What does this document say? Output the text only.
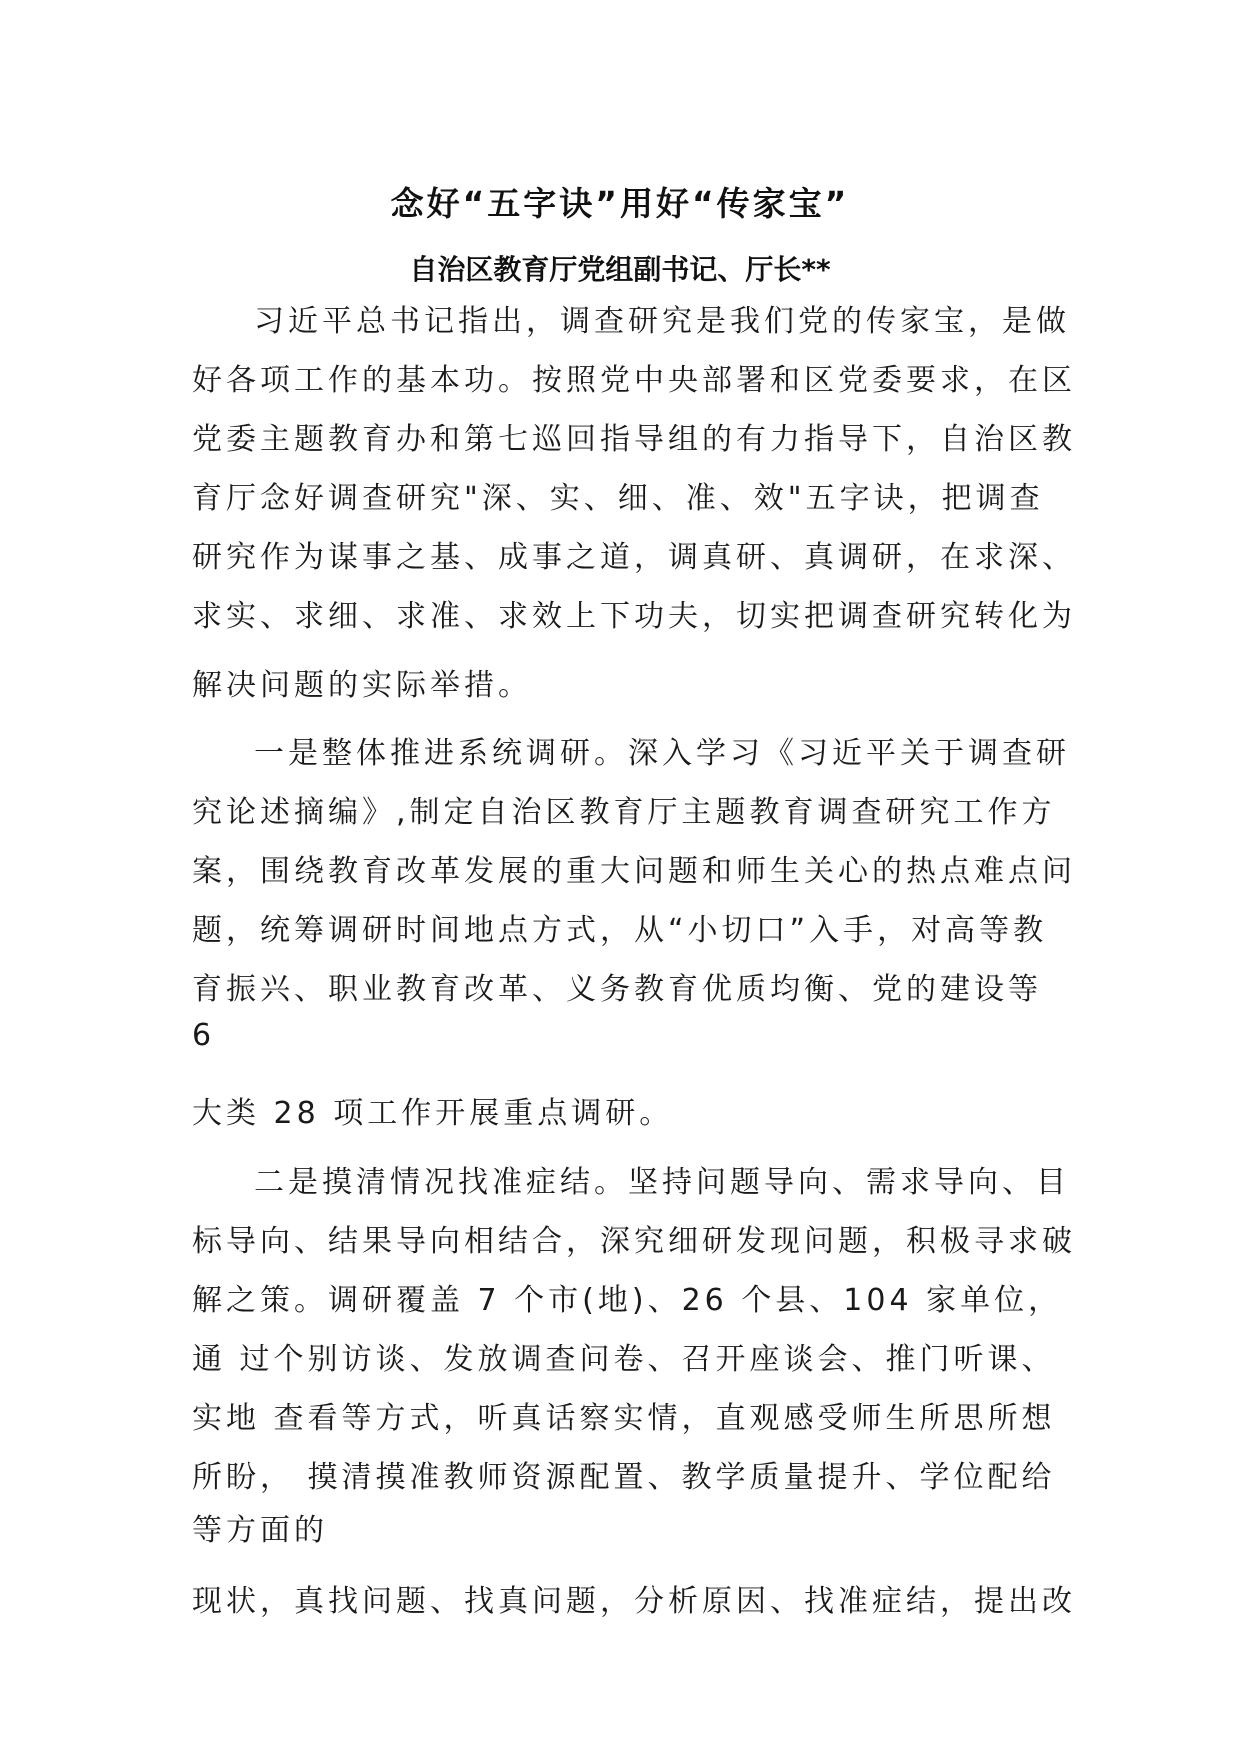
念好“五字诀”用好“传家宝”
自治区教育厅党组副书记、厅长**

习近平总书记指出，调查研究是我们党的传家宝，是做

好各项工作的基本功。按照党中央部署和区党委要求，在区

党委主题教育办和第七巡回指导组的有力指导下，自治区教

育厅念好调查研究"深、实、细、准、效"五字诀，把调查

研究作为谋事之基、成事之道，调真研、真调研，在求深、

求实、求细、求准、求效上下功夫，切实把调查研究转化为

解决问题的实际举措。

一是整体推进系统调研。深入学习《习近平关于调查研

究论述摘编》,制定自治区教育厅主题教育调查研究工作方

案，围绕教育改革发展的重大问题和师生关心的热点难点问

题，统筹调研时间地点方式，从“小切口”入手，对高等教

育振兴、职业教育改革、义务教育优质均衡、党的建设等

6

大类 28 项工作开展重点调研。

二是摸清情况找准症结。坚持问题导向、需求导向、目

标导向、结果导向相结合，深究细研发现问题，积极寻求破

解之策。调研覆盖 7 个市(地)、26 个县、104 家单位，

通 过个别访谈、发放调查问卷、召开座谈会、推门听课、

实地 查看等方式，听真话察实情，直观感受师生所思所想

所盼， 摸清摸准教师资源配置、教学质量提升、学位配给

等方面的

现状，真找问题、找真问题，分析原因、找准症结，提出改
